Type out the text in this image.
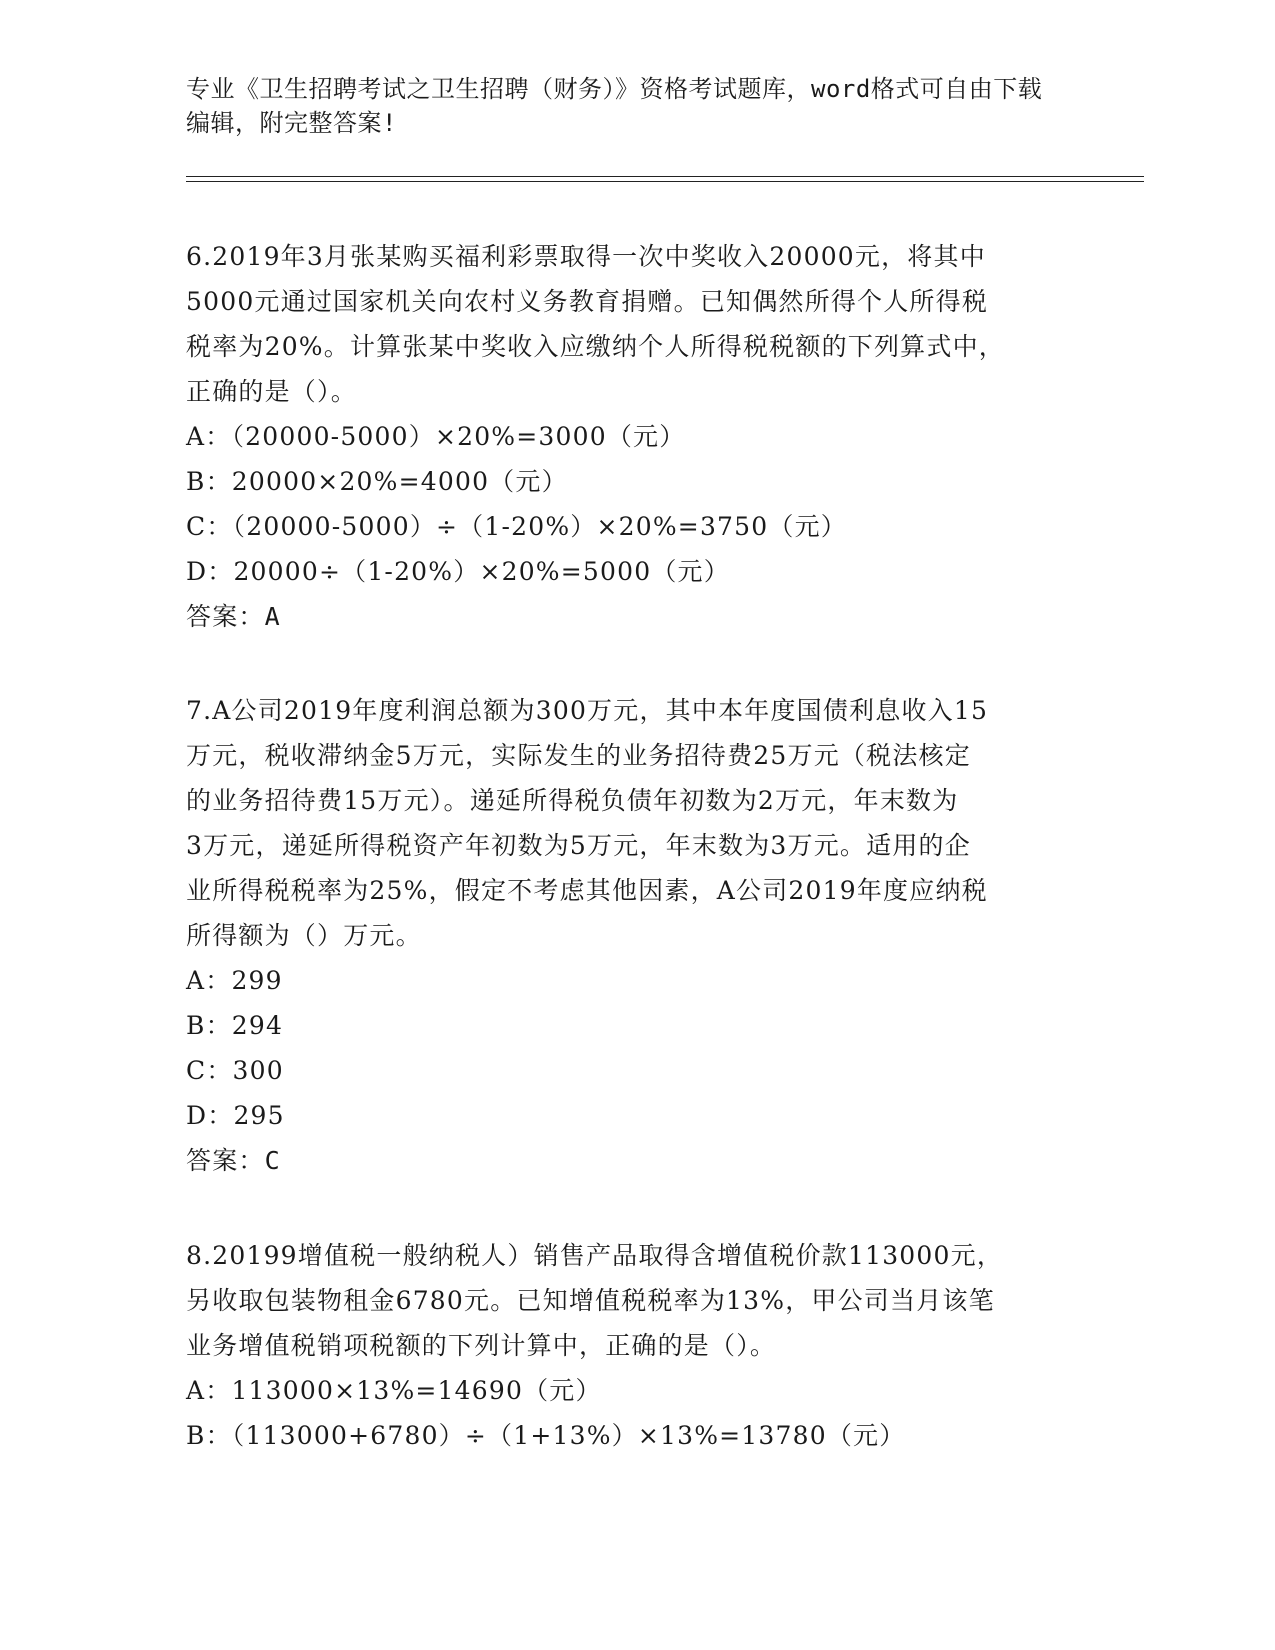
专业《卫生招聘考试之卫生招聘（财务）》资格考试题库，word格式可自由下载
编辑，附完整答案!
6.2019年3月张某购买福利彩票取得一次中奖收入20000元，将其中
5000元通过国家机关向农村义务教育捐赠。已知偶然所得个人所得税
税率为20%。计算张某中奖收入应缴纳个人所得税税额的下列算式中，
正确的是（）。
A：（20000-5000）×20%=3000（元）
B：20000×20%=4000（元）
C：（20000-5000）÷（1-20%）×20%=3750（元）
D：20000÷（1-20%）×20%=5000（元）
答案：A
7.A公司2019年度利润总额为300万元，其中本年度国债利息收入15
万元，税收滞纳金5万元，实际发生的业务招待费25万元（税法核定
的业务招待费15万元）。递延所得税负债年初数为2万元，年末数为
3万元，递延所得税资产年初数为5万元，年末数为3万元。适用的企
业所得税税率为25%，假定不考虑其他因素，A公司2019年度应纳税
所得额为（）万元。
A：299
B：294
C：300
D：295
答案：C
8.20199增值税一般纳税人）销售产品取得含增值税价款113000元，
另收取包装物租金6780元。已知增值税税率为13%，甲公司当月该笔
业务增值税销项税额的下列计算中，正确的是（）。
A：113000×13%=14690（元）
B：（113000+6780）÷（1+13%）×13%=13780（元）
